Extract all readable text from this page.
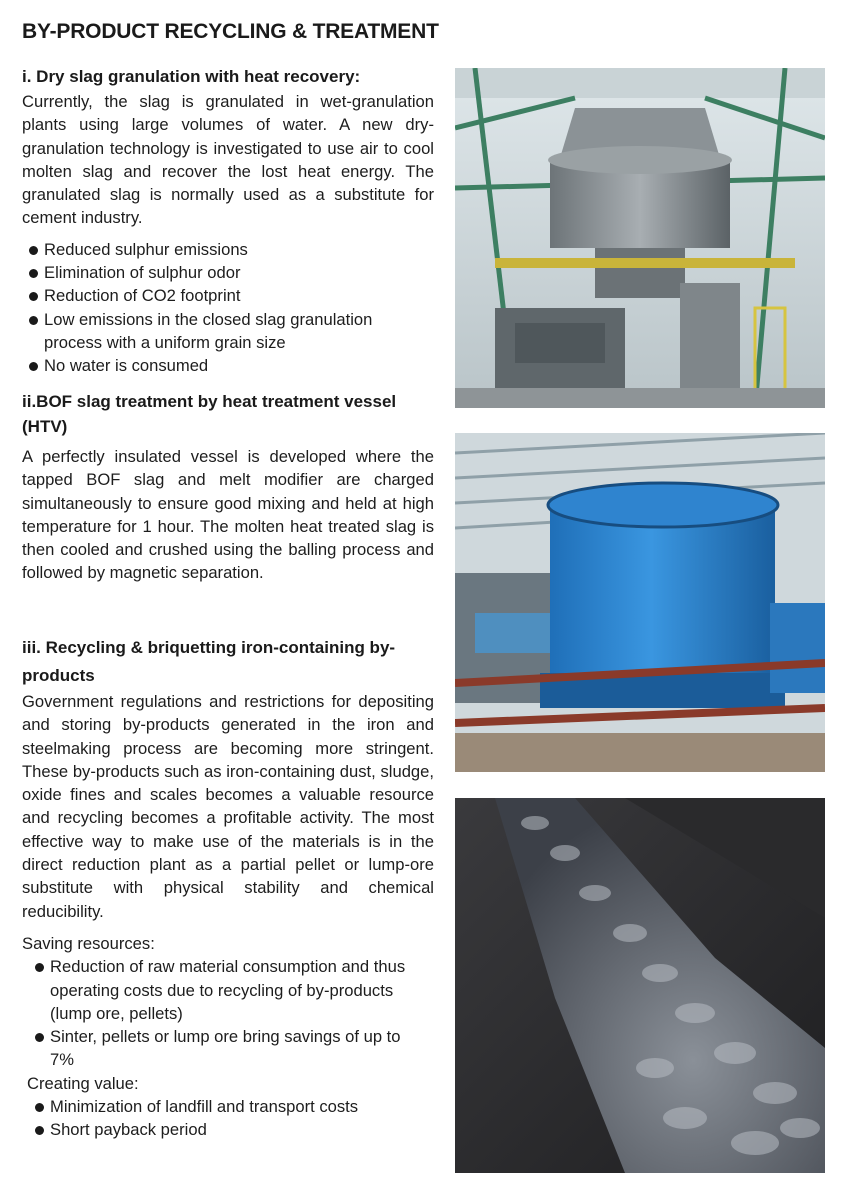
BY-PRODUCT RECYCLING & TREATMENT
i. Dry slag granulation with heat recovery:

Currently, the slag is granulated in wet-granulation plants using large volumes of water. A new dry-granulation technology is investigated to use air to cool molten slag and recover the lost heat energy. The granulated slag is normally used as a substitute for cement industry.

Reduced sulphur emissions
Elimination of sulphur odor
Reduction of CO2 footprint
Low emissions in the closed slag granulation process with a uniform grain size
No water is consumed
ii.BOF slag treatment by heat treatment vessel (HTV)

A perfectly insulated vessel is developed where the tapped BOF slag and melt modifier are charged simultaneously to ensure good mixing and held at high temperature for 1 hour. The molten heat treated slag is then cooled and crushed using the balling process and followed by magnetic separation.

iii. Recycling & briquetting iron-containing by-products

Government regulations and restrictions for depositing and storing by-products generated in the iron and steelmaking process are becoming more stringent. These by-products such as iron-containing dust, sludge, oxide fines and scales becomes a valuable resource and recycling becomes a profitable activity. The most effective way to make use of the materials is in the direct reduction plant as a partial pellet or lump-ore substitute with physical stability and chemical reducibility.

Saving resources:

Reduction of raw material consumption and thus operating costs due to recycling of by-products (lump ore, pellets)
Sinter, pellets or lump ore bring savings of up to 7%

Creating value:

Minimization of landfill and transport costs
Short payback period
